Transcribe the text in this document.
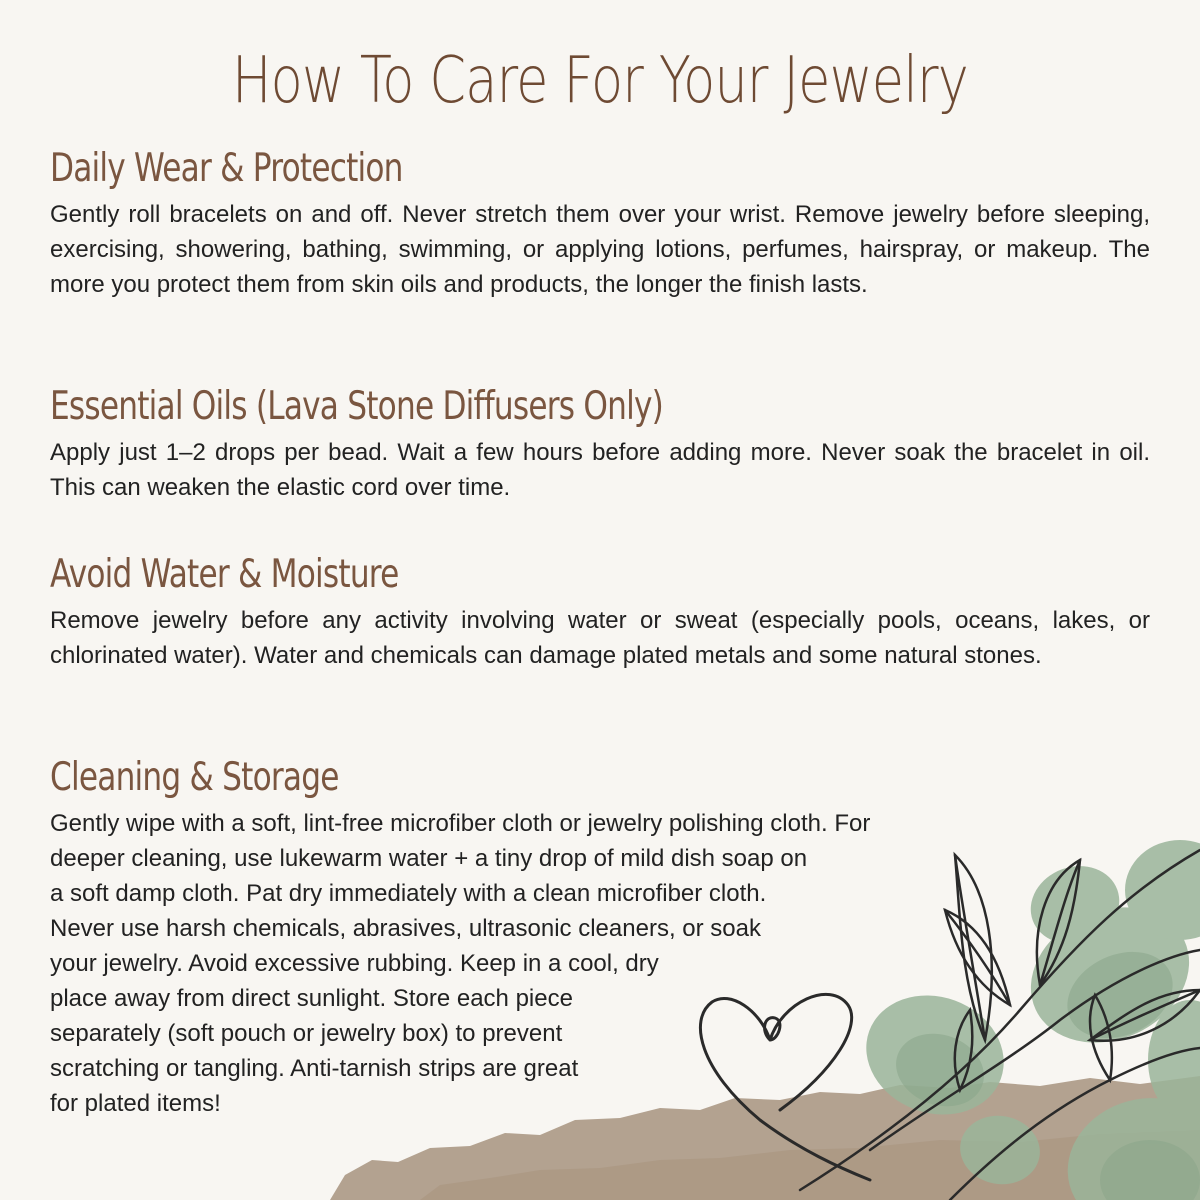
How To Care For Your Jewelry
Daily Wear & Protection
Gently roll bracelets on and off. Never stretch them over your wrist. Remove jewelry before sleeping, exercising, showering, bathing, swimming, or applying lotions, perfumes, hairspray, or makeup. The more you protect them from skin oils and products, the longer the finish lasts.
Essential Oils (Lava Stone Diffusers Only)
Apply just 1–2 drops per bead. Wait a few hours before adding more. Never soak the bracelet in oil. This can weaken the elastic cord over time.
Avoid Water & Moisture
Remove jewelry before any activity involving water or sweat (especially pools, oceans, lakes, or chlorinated water). Water and chemicals can damage plated metals and some natural stones.
Cleaning & Storage
Gently wipe with a soft, lint-free microfiber cloth or jewelry polishing cloth. For
deeper cleaning, use lukewarm water + a tiny drop of mild dish soap on
a soft damp cloth. Pat dry immediately with a clean microfiber cloth.
Never use harsh chemicals, abrasives, ultrasonic cleaners, or soak
your jewelry. Avoid excessive rubbing. Keep in a cool, dry
place away from direct sunlight. Store each piece
separately (soft pouch or jewelry box) to prevent
scratching or tangling. Anti-tarnish strips are great
for plated items!
